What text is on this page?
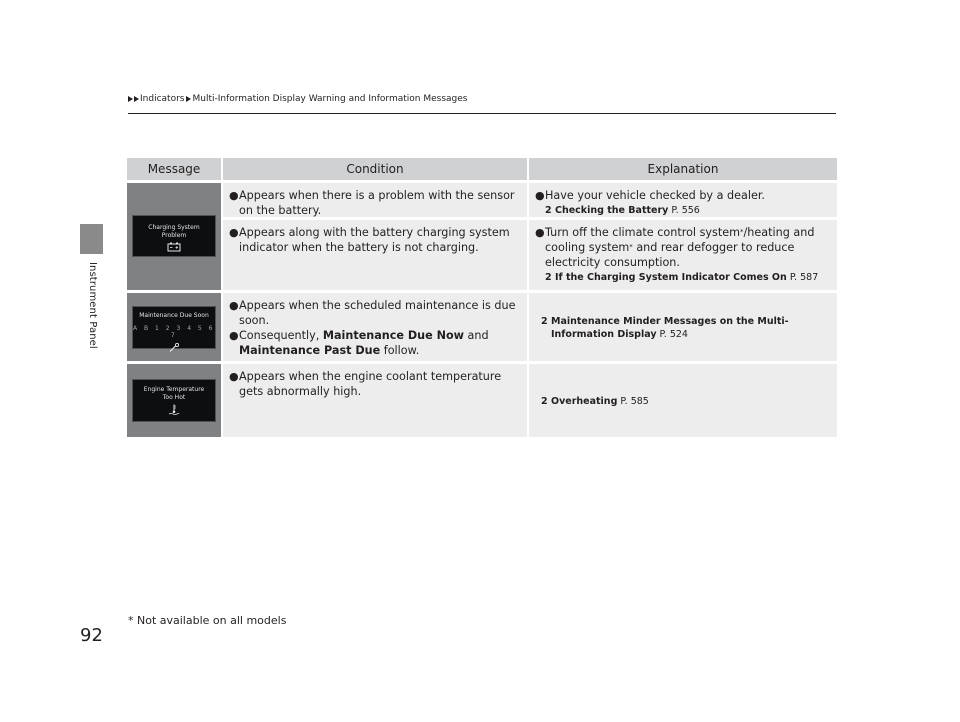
Instrument Panel
Indicators Multi-Information Display Warning and Information Messages
Message	Condition	Explanation
Charging System
Problem
● Appears when there is a problem with the sensor on the battery.
● Have your vehicle checked by a dealer.
2 Checking the Battery P. 556
● Appears along with the battery charging system indicator when the battery is not charging.
● Turn off the climate control system*/heating and cooling system* and rear defogger to reduce electricity consumption.
2 If the Charging System Indicator Comes On P. 587
Maintenance Due Soon
A B 1 2 3 4 5 6 7
● Appears when the scheduled maintenance is due soon.
● Consequently, Maintenance Due Now and
Maintenance Past Due follow.
2 Maintenance Minder Messages on the Multi-
Information Display P. 524
Engine Temperature
Too Hot
● Appears when the engine coolant temperature gets abnormally high.
2 Overheating P. 585
* Not available on all models
92
